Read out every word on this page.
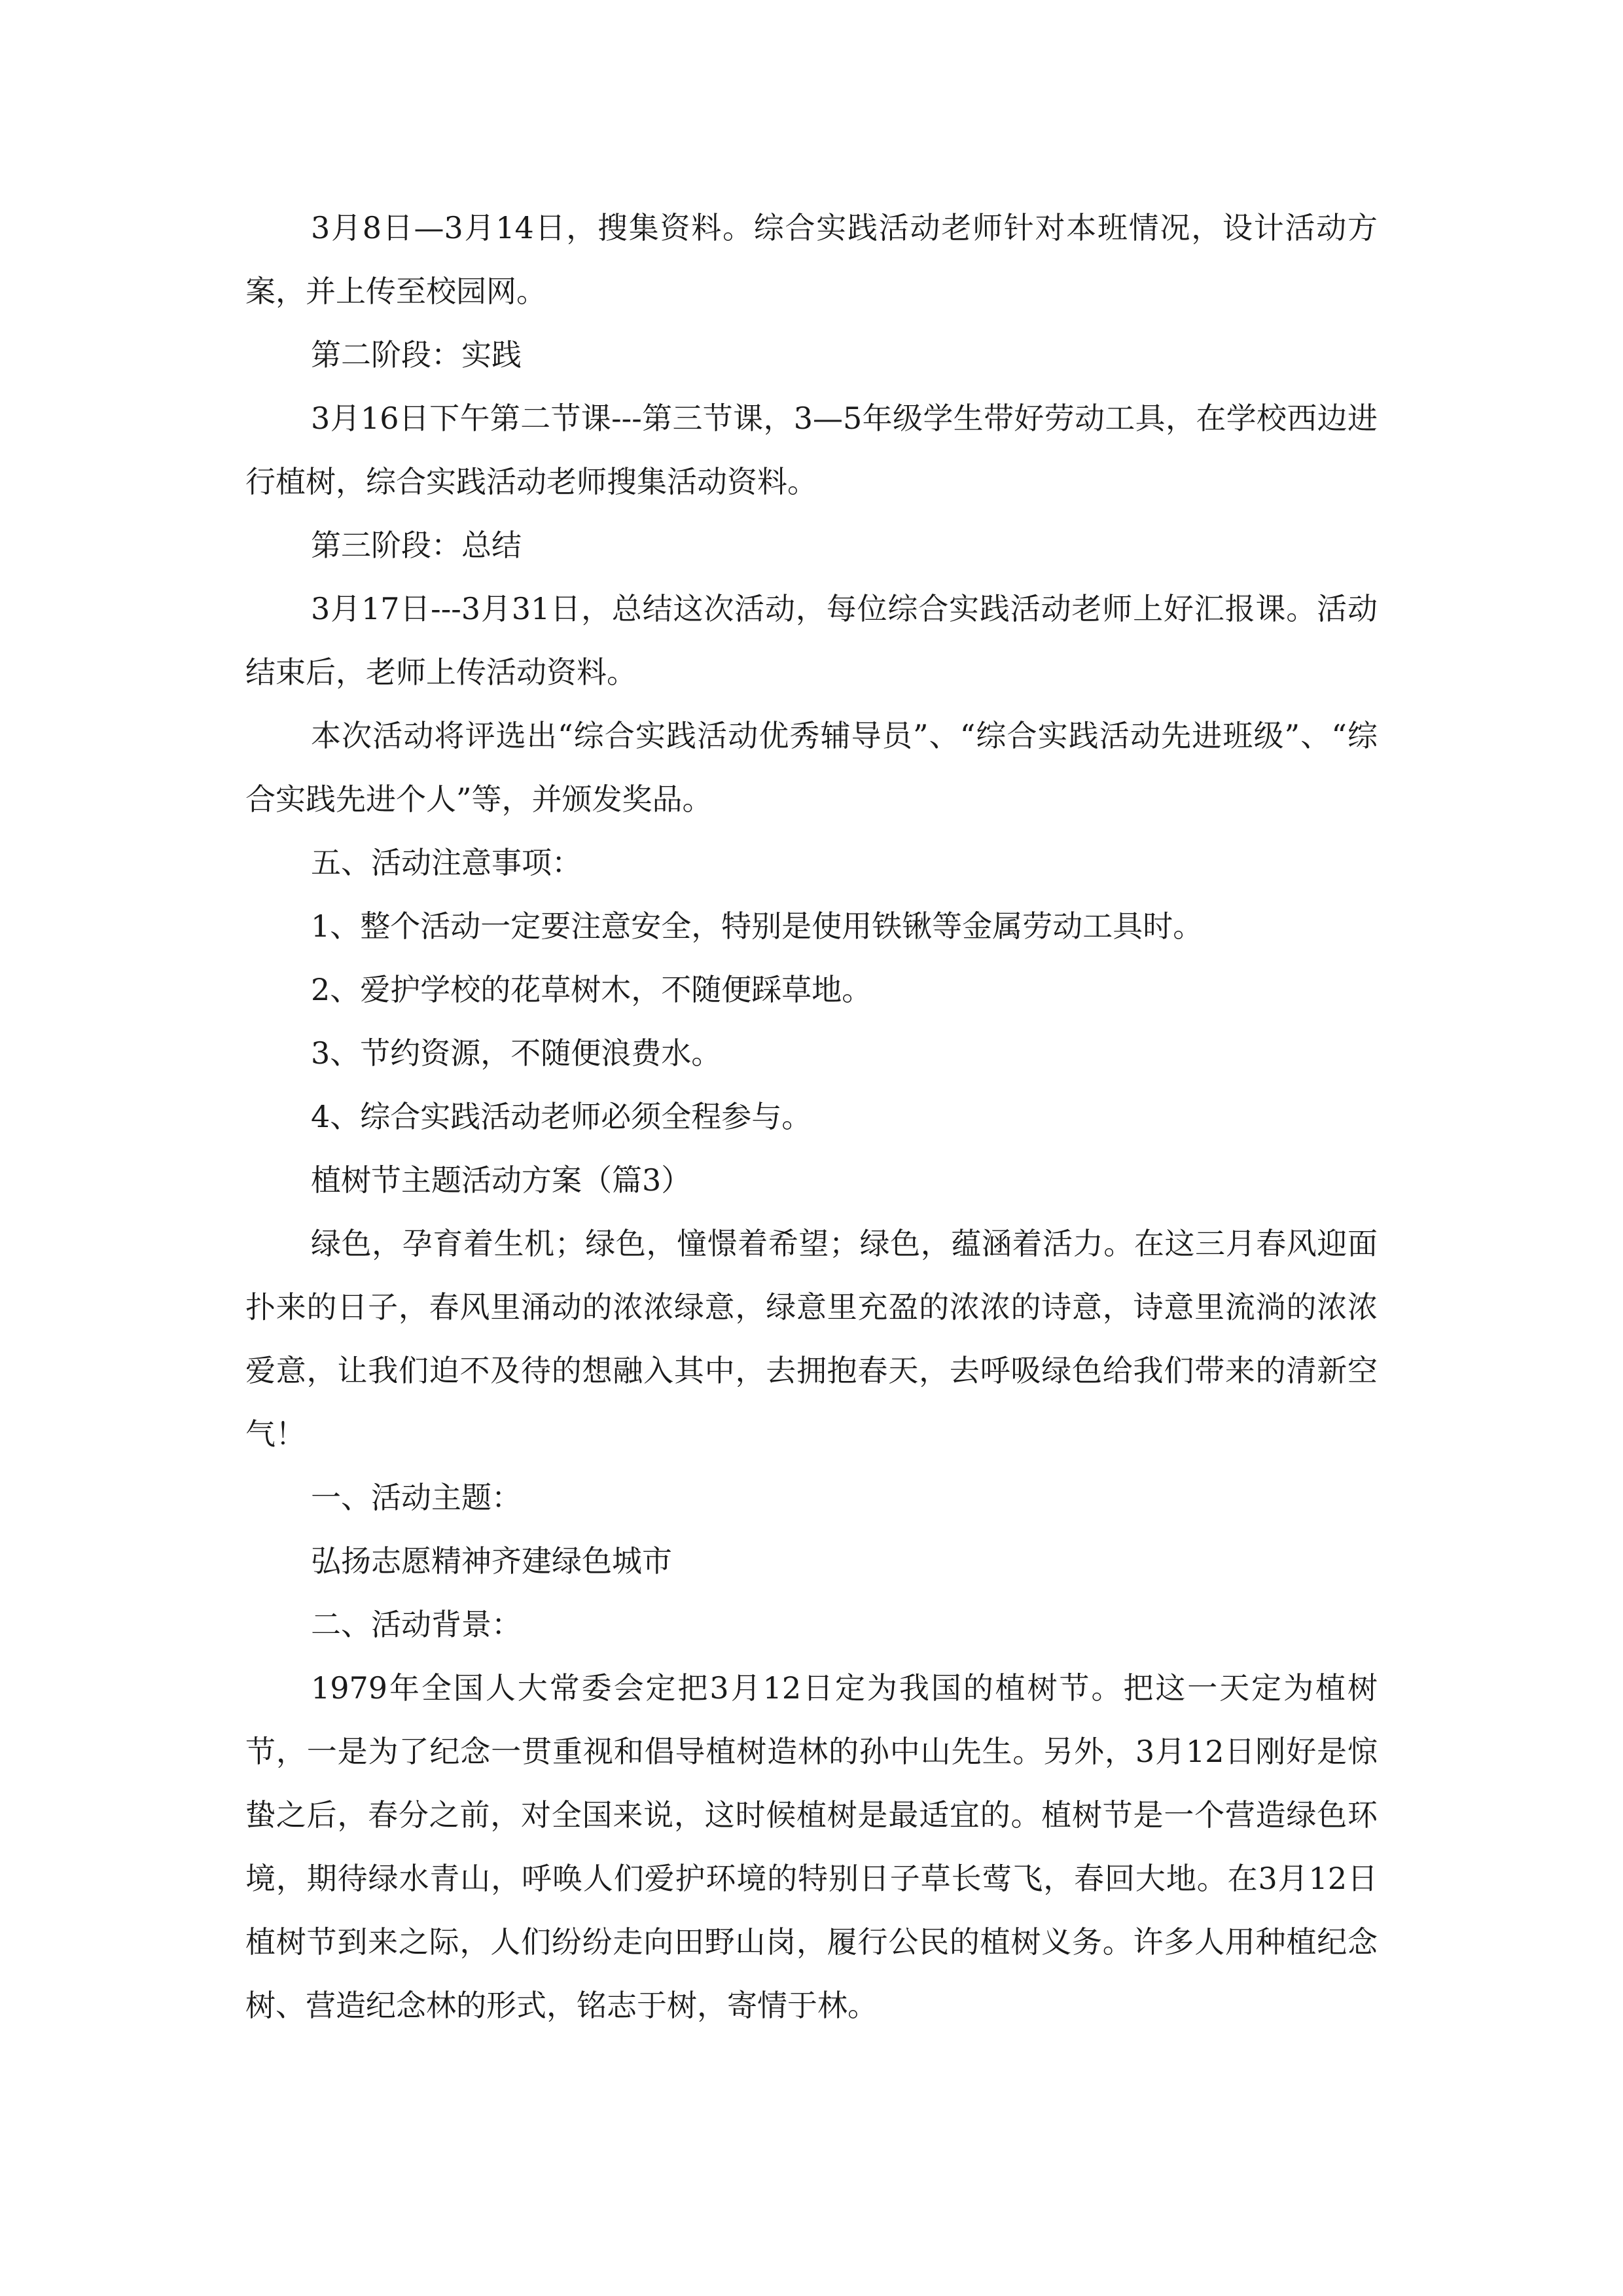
3月8日—3月14日，搜集资料。综合实践活动老师针对本班情况，设计活动方案，并上传至校园网。

第二阶段：实践

3月16日下午第二节课---第三节课，3—5年级学生带好劳动工具，在学校西边进行植树，综合实践活动老师搜集活动资料。

第三阶段：总结

3月17日---3月31日，总结这次活动，每位综合实践活动老师上好汇报课。活动结束后，老师上传活动资料。

本次活动将评选出“综合实践活动优秀辅导员”、“综合实践活动先进班级”、“综合实践先进个人”等，并颁发奖品。

五、活动注意事项：

1、整个活动一定要注意安全，特别是使用铁锹等金属劳动工具时。

2、爱护学校的花草树木，不随便踩草地。

3、节约资源，不随便浪费水。

4、综合实践活动老师必须全程参与。

植树节主题活动方案（篇3）

绿色，孕育着生机；绿色，憧憬着希望；绿色，蕴涵着活力。在这三月春风迎面扑来的日子，春风里涌动的浓浓绿意，绿意里充盈的浓浓的诗意，诗意里流淌的浓浓爱意，让我们迫不及待的想融入其中，去拥抱春天，去呼吸绿色给我们带来的清新空气！

一、活动主题：

弘扬志愿精神齐建绿色城市

二、活动背景：

1979年全国人大常委会定把3月12日定为我国的植树节。把这一天定为植树节，一是为了纪念一贯重视和倡导植树造林的孙中山先生。另外，3月12日刚好是惊蛰之后，春分之前，对全国来说，这时候植树是最适宜的。植树节是一个营造绿色环境，期待绿水青山，呼唤人们爱护环境的特别日子草长莺飞，春回大地。在3月12日植树节到来之际，人们纷纷走向田野山岗，履行公民的植树义务。许多人用种植纪念树、营造纪念林的形式，铭志于树，寄情于林。
